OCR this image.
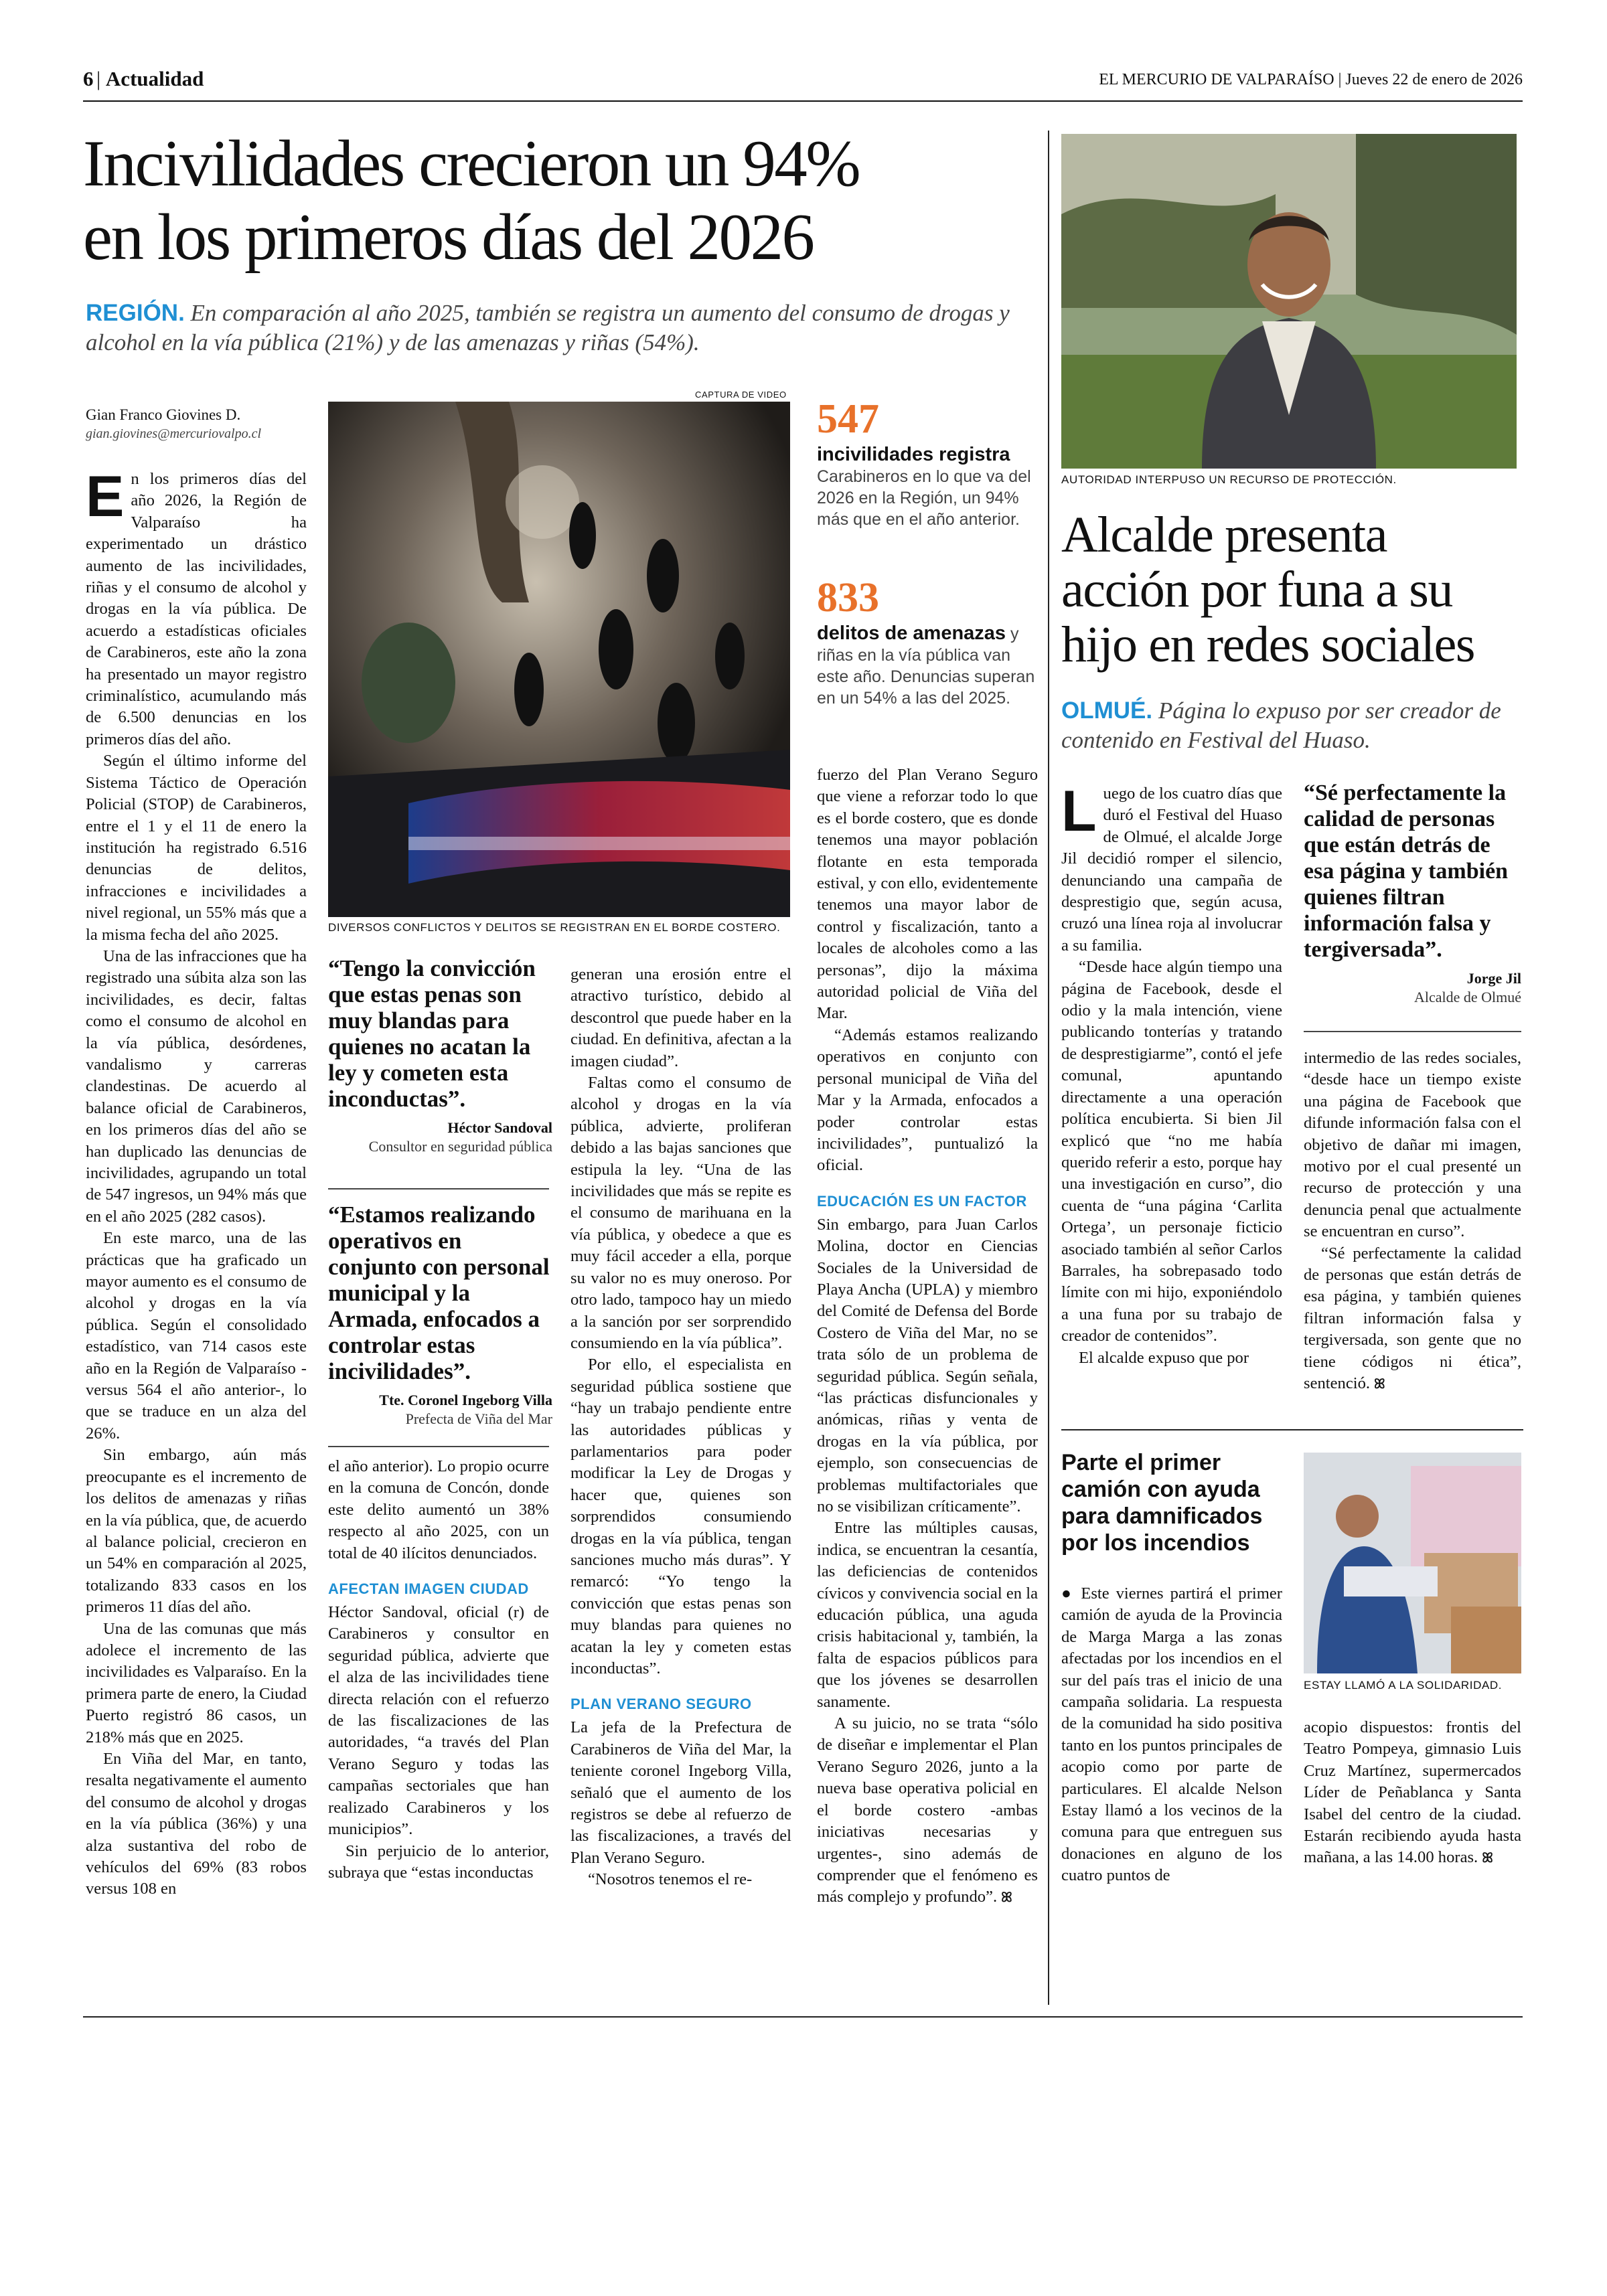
6 | Actualidad	EL MERCURIO DE VALPARAÍSO | Jueves 22 de enero de 2026
Incivilidades crecieron un 94%
en los primeros días del 2026
REGIÓN. En comparación al año 2025, también se registra un aumento del consumo de drogas y alcohol en la vía pública (21%) y de las amenazas y riñas (54%).
Gian Franco Giovines D.
gian.giovines@mercuriovalpo.cl
E n los primeros días del año 2026, la Región de Valparaíso ha experimentado un drástico aumento de las incivilidades, riñas y el consumo de alcohol y drogas en la vía pública. De acuerdo a estadísticas oficiales de Carabineros, este año la zona ha presentado un mayor registro criminalístico, acumulando más de 6.500 denuncias en los primeros días del año.

Según el último informe del Sistema Táctico de Operación Policial (STOP) de Carabineros, entre el 1 y el 11 de enero la institución ha registrado 6.516 denuncias de delitos, infracciones e incivilidades a nivel regional, un 55% más que a la misma fecha del año 2025.

Una de las infracciones que ha registrado una súbita alza son las incivilidades, es decir, faltas como el consumo de alcohol en la vía pública, desórdenes, vandalismo y carreras clandestinas. De acuerdo al balance oficial de Carabineros, en los primeros días del año se han duplicado las denuncias de incivilidades, agrupando un total de 547 ingresos, un 94% más que en el año 2025 (282 casos).

En este marco, una de las prácticas que ha graficado un mayor aumento es el consumo de alcohol y drogas en la vía pública. Según el consolidado estadístico, van 714 casos este año en la Región de Valparaíso -versus 564 el año anterior-, lo que se traduce en un alza del 26%.

Sin embargo, aún más preocupante es el incremento de los delitos de amenazas y riñas en la vía pública, que, de acuerdo al balance policial, crecieron en un 54% en comparación al 2025, totalizando 833 casos en los primeros 11 días del año.

Una de las comunas que más adolece el incremento de las incivilidades es Valparaíso. En la primera parte de enero, la Ciudad Puerto registró 86 casos, un 218% más que en 2025.

En Viña del Mar, en tanto, resalta negativamente el aumento del consumo de alcohol y drogas en la vía pública (36%) y una alza sustantiva del robo de vehículos del 69% (83 robos versus 108 en

CAPTURA DE VIDEO
DIVERSOS CONFLICTOS Y DELITOS SE REGISTRAN EN EL BORDE COSTERO.
“Tengo la convicción que estas penas son muy blandas para quienes no acatan la ley y cometen esta inconductas”.
Héctor Sandoval
Consultor en seguridad pública
“Estamos realizando operativos en conjunto con personal municipal y la Armada, enfocados a controlar estas incivilidades”.
Tte. Coronel Ingeborg Villa
Prefecta de Viña del Mar

el año anterior). Lo propio ocurre en la comuna de Concón, donde este delito aumentó un 38% respecto al año 2025, con un total de 40 ilícitos denunciados.

AFECTAN IMAGEN CIUDAD

Héctor Sandoval, oficial (r) de Carabineros y consultor en seguridad pública, advierte que el alza de las incivilidades tiene directa relación con el refuerzo de las fiscalizaciones de las autoridades, “a través del Plan Verano Seguro y todas las campañas sectoriales que han realizado Carabineros y los municipios”.

Sin perjuicio de lo anterior, subraya que “estas inconductas

generan una erosión entre el atractivo turístico, debido al descontrol que puede haber en la ciudad. En definitiva, afectan a la imagen ciudad”.

Faltas como el consumo de alcohol y drogas en la vía pública, advierte, proliferan debido a las bajas sanciones que estipula la ley. “Una de las incivilidades que más se repite es el consumo de marihuana en la vía pública, y obedece a que es muy fácil acceder a ella, porque su valor no es muy oneroso. Por otro lado, tampoco hay un miedo a la sanción por ser sorprendido consumiendo en la vía pública”.

Por ello, el especialista en seguridad pública sostiene que “hay un trabajo pendiente entre las autoridades públicas y parlamentarios para poder modificar la Ley de Drogas y hacer que, quienes son sorprendidos consumiendo drogas en la vía pública, tengan sanciones mucho más duras”. Y remarcó: “Yo tengo la convicción que estas penas son muy blandas para quienes no acatan la ley y cometen estas inconductas”.

PLAN VERANO SEGURO

La jefa de la Prefectura de Carabineros de Viña del Mar, la teniente coronel Ingeborg Villa, señaló que el aumento de los registros se debe al refuerzo de las fiscalizaciones, a través del Plan Verano Seguro.

“Nosotros tenemos el re-

547
incivilidades registra Carabineros en lo que va del 2026 en la Región, un 94% más que en el año anterior.
833
delitos de amenazas y riñas en la vía pública van este año. Denuncias superan en un 54% a las del 2025.

fuerzo del Plan Verano Seguro que viene a reforzar todo lo que es el borde costero, que es donde tenemos una mayor población flotante en esta temporada estival, y con ello, evidentemente tenemos una mayor labor de control y fiscalización, tanto a locales de alcoholes como a las personas”, dijo la máxima autoridad policial de Viña del Mar.

“Además estamos realizando operativos en conjunto con personal municipal de Viña del Mar y la Armada, enfocados a poder controlar estas incivilidades”, puntualizó la oficial.

EDUCACIÓN ES UN FACTOR

Sin embargo, para Juan Carlos Molina, doctor en Ciencias Sociales de la Universidad de Playa Ancha (UPLA) y miembro del Comité de Defensa del Borde Costero de Viña del Mar, no se trata sólo de un problema de seguridad pública. Según señala, “las prácticas disfuncionales y anómicas, riñas y venta de drogas en la vía pública, por ejemplo, son consecuencias de problemas multifactoriales que no se visibilizan críticamente”.

Entre las múltiples causas, indica, se encuentran la cesantía, las deficiencias de contenidos cívicos y convivencia social en la educación pública, una aguda crisis habitacional y, también, la falta de espacios públicos para que los jóvenes se desarrollen sanamente.

A su juicio, no se trata “sólo de diseñar e implementar el Plan Verano Seguro 2026, junto a la nueva base operativa policial en el borde costero -ambas iniciativas necesarias y urgentes-, sino además de comprender que el fenómeno es más complejo y profundo”. ꕤ

AUTORIDAD INTERPUSO UN RECURSO DE PROTECCIÓN.
Alcalde presenta
acción por funa a su
hijo en redes sociales
OLMUÉ. Página lo expuso por ser creador de contenido en Festival del Huaso.
L uego de los cuatro días que duró el Festival del Huaso de Olmué, el alcalde Jorge Jil decidió romper el silencio, denunciando una campaña de desprestigio que, según acusa, cruzó una línea roja al involucrar a su familia.

“Desde hace algún tiempo una página de Facebook, desde el odio y la mala intención, viene publicando tonterías y tratando de desprestigiarme”, contó el jefe comunal, apuntando directamente a una operación política encubierta. Si bien Jil explicó que “no me había querido referir a esto, porque hay una investigación en curso”, dio cuenta de “una página ‘Carlita Ortega’, un personaje ficticio asociado también al señor Carlos Barrales, ha sobrepasado todo límite con mi hijo, exponiéndolo a una funa por su trabajo de creador de contenidos”.

El alcalde expuso que por

“Sé perfectamente la calidad de personas que están detrás de esa página y también quienes filtran información falsa y tergiversada”.
Jorge Jil
Alcalde de Olmué

intermedio de las redes sociales, “desde hace un tiempo existe una página de Facebook que difunde información falsa con el objetivo de dañar mi imagen, motivo por el cual presenté un recurso de protección y una denuncia penal que actualmente se encuentran en curso”.

“Sé perfectamente la calidad de personas que están detrás de esa página, y también quienes filtran información falsa y tergiversada, son gente que no tiene códigos ni ética”, sentenció. ꕤ

Parte el primer camión con ayuda para damnificados por los incendios
ESTAY LLAMÓ A LA SOLIDARIDAD.

● Este viernes partirá el primer camión de ayuda de la Provincia de Marga Marga a las zonas afectadas por los incendios en el sur del país tras el inicio de una campaña solidaria. La respuesta de la comunidad ha sido positiva tanto en los puntos principales de acopio como por parte de particulares. El alcalde Nelson Estay llamó a los vecinos de la comuna para que entreguen sus donaciones en alguno de los cuatro puntos de

acopio dispuestos: frontis del Teatro Pompeya, gimnasio Luis Cruz Martínez, supermercados Líder de Peñablanca y Santa Isabel del centro de la ciudad. Estarán recibiendo ayuda hasta mañana, a las 14.00 horas. ꕤ
